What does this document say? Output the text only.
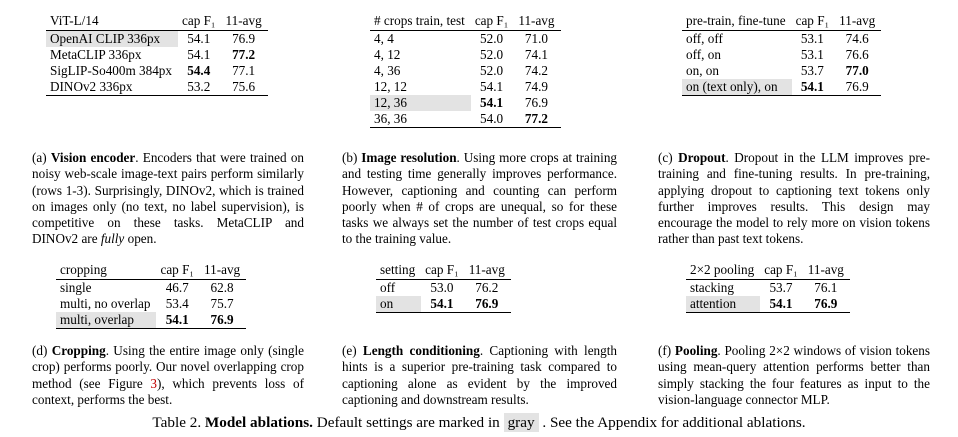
ViT-L/14	cap F₁	11-avg
OpenAI CLIP 336px	54.1	76.9
MetaCLIP 336px	54.1	77.2
SigLIP-So400m 384px	54.4	77.1
DINOv2 336px	53.2	75.6
# crops train, test	cap F₁	11-avg
4, 4	52.0	71.0
4, 12	52.0	74.1
4, 36	52.0	74.2
12, 12	54.1	74.9
12, 36	54.1	76.9
36, 36	54.0	77.2
pre-train, fine-tune	cap F₁	11-avg
off, off	53.1	74.6
off, on	53.1	76.6
on, on	53.7	77.0
on (text only), on	54.1	76.9
(a) Vision encoder. Encoders that were trained on noisy web-scale image-text pairs perform similarly (rows 1-3). Surprisingly, DINOv2, which is trained on images only (no text, no label supervision), is competitive on these tasks. MetaCLIP and DINOv2 are fully open.
(b) Image resolution. Using more crops at training and testing time generally improves performance. However, captioning and counting can perform poorly when # of crops are unequal, so for these tasks we always set the number of test crops equal to the training value.
(c) Dropout. Dropout in the LLM improves pre-training and fine-tuning results. In pre-training, applying dropout to captioning text tokens only further improves results. This design may encourage the model to rely more on vision tokens rather than past text tokens.
cropping	cap F₁	11-avg
single	46.7	62.8
multi, no overlap	53.4	75.7
multi, overlap	54.1	76.9
setting	cap F₁	11-avg
off	53.0	76.2
on	54.1	76.9
2×2 pooling	cap F₁	11-avg
stacking	53.7	76.1
attention	54.1	76.9
(d) Cropping. Using the entire image only (single crop) performs poorly. Our novel overlapping crop method (see Figure 3), which prevents loss of context, performs the best.
(e) Length conditioning. Captioning with length hints is a superior pre-training task compared to captioning alone as evident by the improved captioning and downstream results.
(f) Pooling. Pooling 2×2 windows of vision tokens using mean-query attention performs better than simply stacking the four features as input to the vision-language connector MLP.
Table 2. Model ablations. Default settings are marked in gray . See the Appendix for additional ablations.
